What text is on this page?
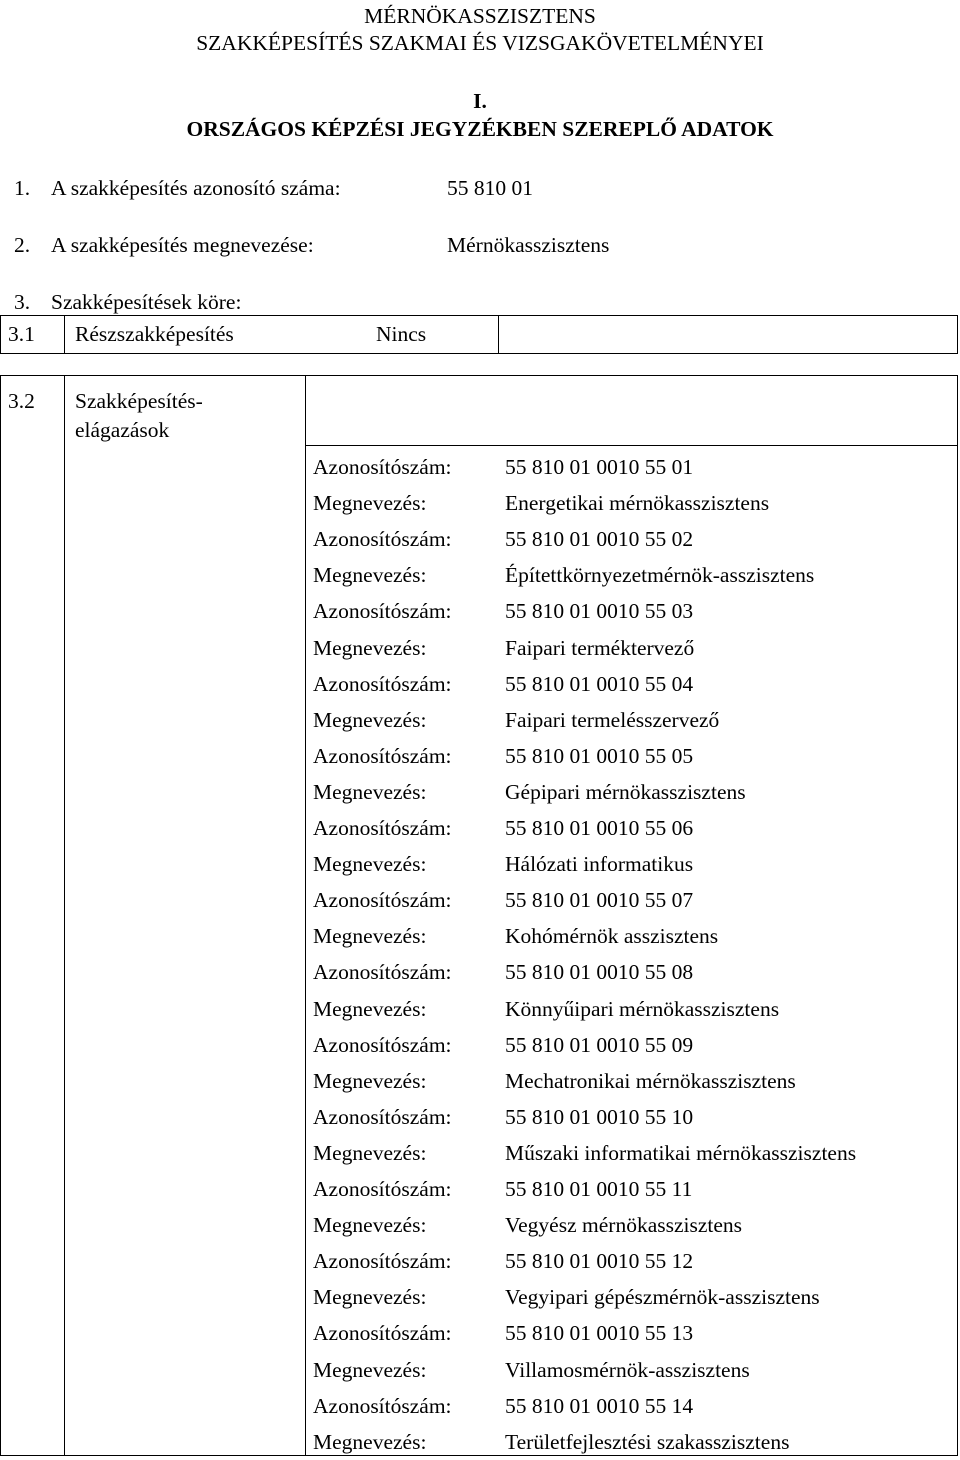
MÉRNÖKASSZISZTENS
SZAKKÉPESÍTÉS SZAKMAI ÉS VIZSGAKÖVETELMÉNYEI
I.
ORSZÁGOS KÉPZÉSI JEGYZÉKBEN SZEREPLŐ ADATOK
1. A szakképesítés azonosító száma:	55 810 01
2. A szakképesítés megnevezése:	Mérnökasszisztens
3. Szakképesítések köre:
3.1 Részszakképesítés	Nincs
3.2 Szakképesítés-
elágazások
Azonosítószám: 55 810 01 0010 55 01
Megnevezés:	Energetikai mérnökasszisztens
Azonosítószám: 55 810 01 0010 55 02
Megnevezés:	Építettkörnyezetmérnök-asszisztens
Azonosítószám: 55 810 01 0010 55 03
Megnevezés:	Faipari terméktervező
Azonosítószám: 55 810 01 0010 55 04
Megnevezés:	Faipari termelésszervező
Azonosítószám: 55 810 01 0010 55 05
Megnevezés:	Gépipari mérnökasszisztens
Azonosítószám: 55 810 01 0010 55 06
Megnevezés:	Hálózati informatikus
Azonosítószám: 55 810 01 0010 55 07
Megnevezés:	Kohómérnök asszisztens
Azonosítószám: 55 810 01 0010 55 08
Megnevezés:	Könnyűipari mérnökasszisztens
Azonosítószám: 55 810 01 0010 55 09
Megnevezés:	Mechatronikai mérnökasszisztens
Azonosítószám: 55 810 01 0010 55 10
Megnevezés:	Műszaki informatikai mérnökasszisztens
Azonosítószám: 55 810 01 0010 55 11
Megnevezés:	Vegyész mérnökasszisztens
Azonosítószám: 55 810 01 0010 55 12
Megnevezés:	Vegyipari gépészmérnök-asszisztens
Azonosítószám: 55 810 01 0010 55 13
Megnevezés:	Villamosmérnök-asszisztens
Azonosítószám: 55 810 01 0010 55 14
Megnevezés:	Területfejlesztési szakasszisztens
